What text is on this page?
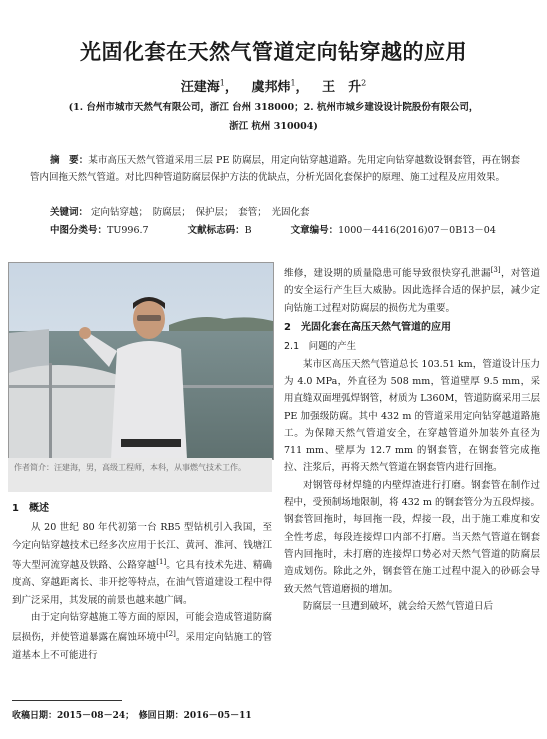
光固化套在天然气管道定向钻穿越的应用
汪建海$^1$，   虞邦炜$^1$，   王　升$^2$
(1. 台州市城市天然气有限公司，浙江 台州 318000；2. 杭州市城乡建设设计院股份有限公司，
浙江 杭州 310004)
摘　要：某市高压天然气管道采用三层 PE 防腐层，用定向钻穿越道路。先用定向钻穿越数设钢套管，再在钢套管内回拖天然气管道。对比四种管道防腐层保护方法的优缺点，分析光固化套保护的原理、施工过程及应用效果。
关键词： 定向钻穿越；　防腐层；　保护层；　套管；　光固化套
中图分类号：TU996.7	文献标志码：B	文章编号：1000－4416(2016)07－0B13－04
作者简介：汪建海，男，高级工程师，本科，从事燃气技术工作。

1　概述

从 20 世纪 80 年代初第一台 RB5 型钻机引入我国，至今定向钻穿越技术已经多次应用于长江、黄河、淮河、钱塘江等大型河流穿越及铁路、公路穿越[1]。它具有技术先进、精确度高、穿越距离长、非开挖等特点，在油气管道建设工程中得到广泛采用，其发展的前景也越来越广阔。

由于定向钻穿越施工等方面的原因，可能会造成管道防腐层损伤，并使管道暴露在腐蚀环境中[2]。采用定向钻施工的管道基本上不可能进行

维修，建设期的质量隐患可能导致很快穿孔泄漏[3]，对管道的安全运行产生巨大威胁。因此选择合适的保护层，减少定向钻施工过程对防腐层的损伤尤为重要。

2　光固化套在高压天然气管道的应用

2.1　问题的产生

某市区高压天然气管道总长 103.51 km，管道设计压力为 4.0 MPa，外直径为 508 mm，管道壁厚 9.5 mm，采用直缝双面埋弧焊钢管，材质为 L360M，管道防腐采用三层 PE 加强级防腐。其中 432 m 的管道采用定向钻穿越道路施工。为保障天然气管道安全，在穿越管道外加装外直径为 711 mm、壁厚为 12.7 mm 的钢套管，在钢套管完成拖拉、注浆后，再将天然气管道在钢套管内进行回拖。

对钢管母材焊缝的内壁焊渣进行打磨。钢套管在制作过程中，受预制场地限制，将 432 m 的钢套管分为五段焊接。钢套管回拖时，每回拖一段，焊接一段，出于施工难度和安全性考虑，每段连接焊口内部不打磨。当天然气管道在钢套管内回拖时，未打磨的连接焊口势必对天然气管道的防腐层造成划伤。除此之外，钢套管在施工过程中混入的砂砾会导致天然气管道磨损的增加。

防腐层一旦遭到破坏，就会给天然气管道日后

收稿日期：2015－08－24；　修回日期：2016－05－11
